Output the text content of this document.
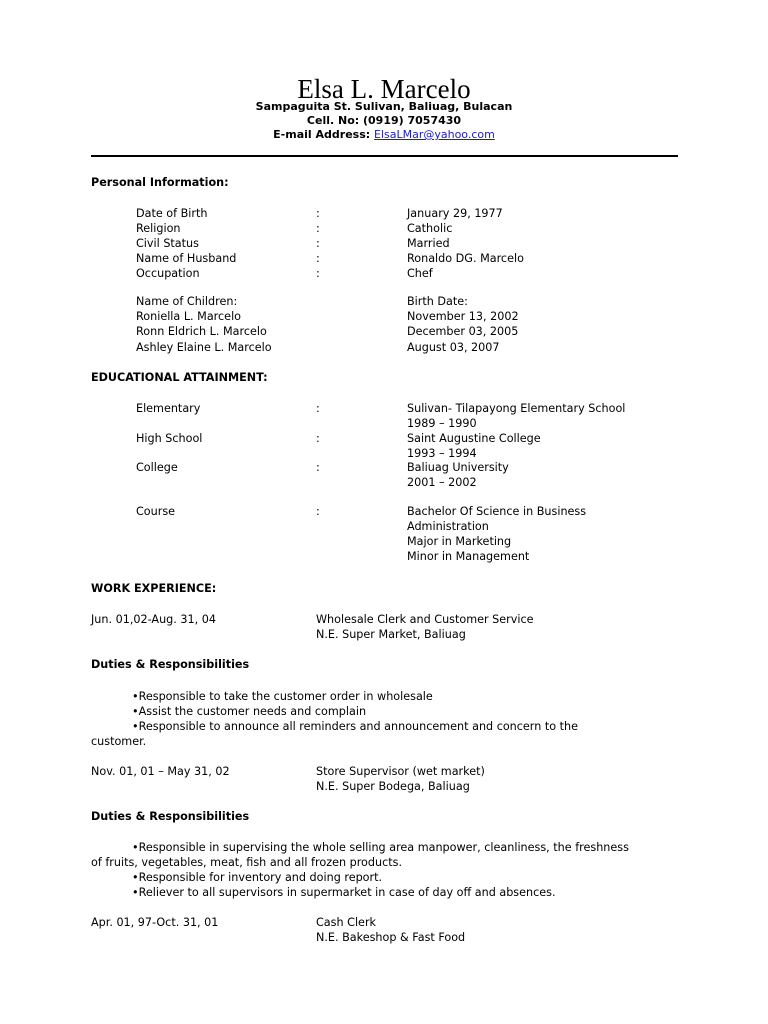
Elsa L. Marcelo
Sampaguita St. Sulivan, Baliuag, Bulacan
Cell. No: (0919) 7057430
E-mail Address: ElsaLMar@yahoo.com
Personal Information:
Date of Birth	:	January 29, 1977
Religion	:	Catholic
Civil Status	:	Married
Name of Husband	:	Ronaldo DG. Marcelo
Occupation	:	Chef
Name of Children:	Birth Date:
Roniella L. Marcelo	November 13, 2002
Ronn Eldrich L. Marcelo	December 03, 2005
Ashley Elaine L. Marcelo	August 03, 2007
EDUCATIONAL ATTAINMENT:
Elementary	:	Sulivan- Tilapayong Elementary School
1989 – 1990
High School	:	Saint Augustine College
1993 – 1994
College	:	Baliuag University
2001 – 2002
Course	:	Bachelor Of Science in Business
Administration
Major in Marketing
Minor in Management
WORK EXPERIENCE:
Jun. 01,02-Aug. 31, 04	Wholesale Clerk and Customer Service
N.E. Super Market, Baliuag
Duties & Responsibilities
•Responsible to take the customer order in wholesale
•Assist the customer needs and complain
•Responsible to announce all reminders and announcement and concern to the
customer.
Nov. 01, 01 – May 31, 02	Store Supervisor (wet market)
N.E. Super Bodega, Baliuag
Duties & Responsibilities
•Responsible in supervising the whole selling area manpower, cleanliness, the freshness
of fruits, vegetables, meat, fish and all frozen products.
•Responsible for inventory and doing report.
•Reliever to all supervisors in supermarket in case of day off and absences.
Apr. 01, 97-Oct. 31, 01	Cash Clerk
N.E. Bakeshop & Fast Food
